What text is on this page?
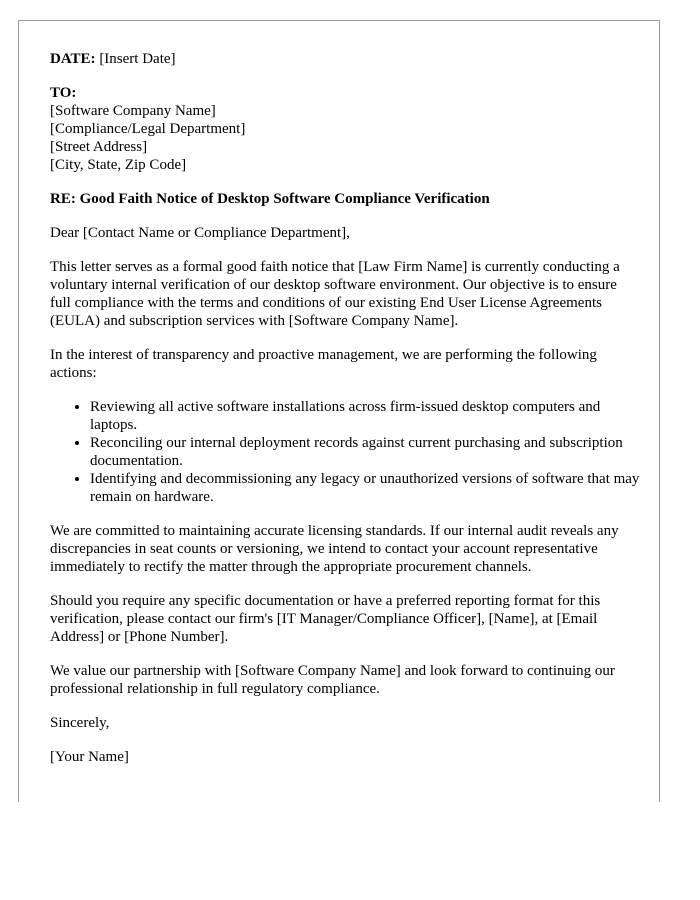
DATE: [Insert Date]

TO:
[Software Company Name]
[Compliance/Legal Department]
[Street Address]
[City, State, Zip Code]

RE: Good Faith Notice of Desktop Software Compliance Verification

Dear [Contact Name or Compliance Department],

This letter serves as a formal good faith notice that [Law Firm Name] is currently conducting a voluntary internal verification of our desktop software environment. Our objective is to ensure full compliance with the terms and conditions of our existing End User License Agreements (EULA) and subscription services with [Software Company Name].

In the interest of transparency and proactive management, we are performing the following actions:

• Reviewing all active software installations across firm-issued desktop computers and laptops.
• Reconciling our internal deployment records against current purchasing and subscription documentation.
• Identifying and decommissioning any legacy or unauthorized versions of software that may remain on hardware.

We are committed to maintaining accurate licensing standards. If our internal audit reveals any discrepancies in seat counts or versioning, we intend to contact your account representative immediately to rectify the matter through the appropriate procurement channels.

Should you require any specific documentation or have a preferred reporting format for this verification, please contact our firm's [IT Manager/Compliance Officer], [Name], at [Email Address] or [Phone Number].

We value our partnership with [Software Company Name] and look forward to continuing our professional relationship in full regulatory compliance.

Sincerely,

[Your Name]
